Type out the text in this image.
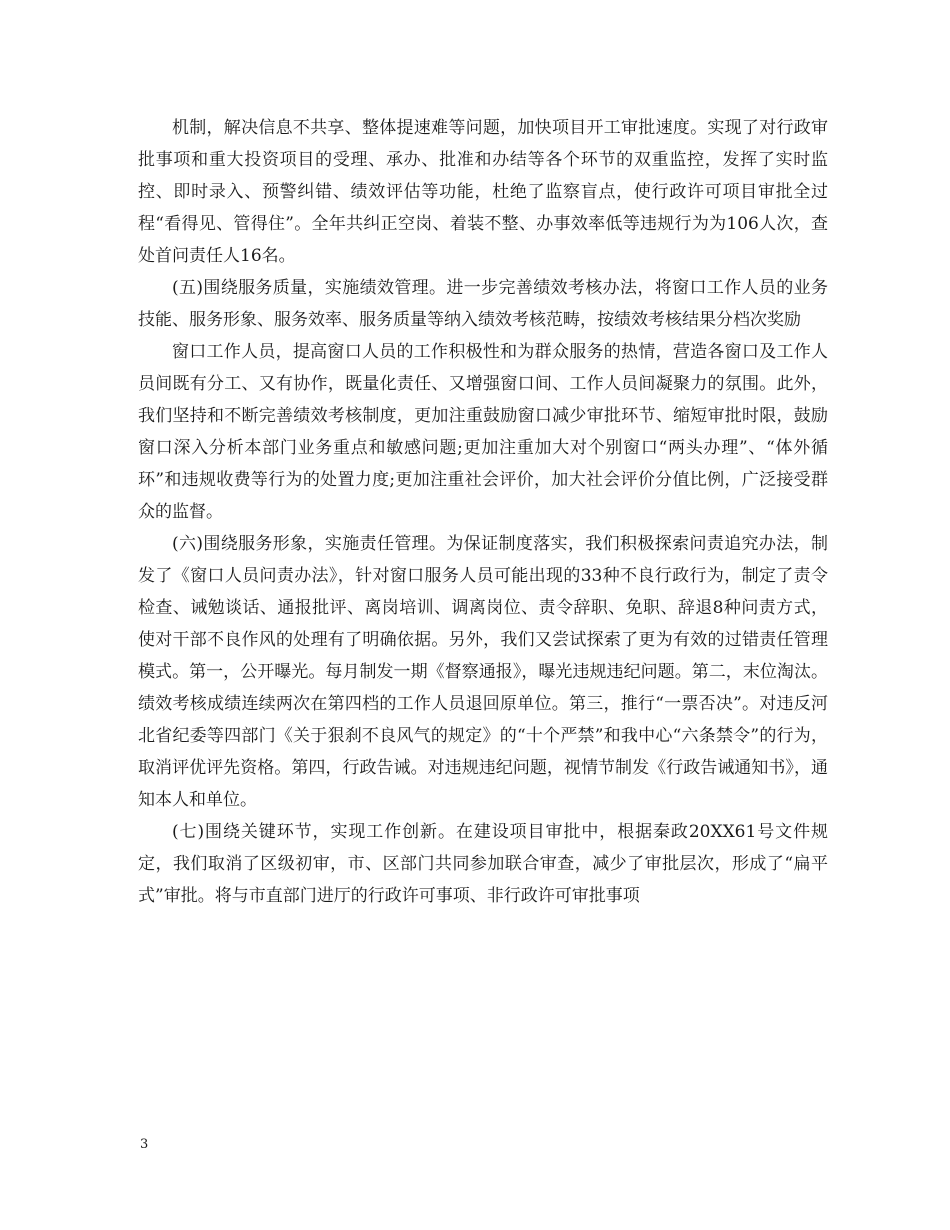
机制，解决信息不共享、整体提速难等问题，加快项目开工审批速度。实现了对行政审批事项和重大投资项目的受理、承办、批准和办结等各个环节的双重监控，发挥了实时监控、即时录入、预警纠错、绩效评估等功能，杜绝了监察盲点，使行政许可项目审批全过程“看得见、管得住”。全年共纠正空岗、着装不整、办事效率低等违规行为为106人次，查处首问责任人16名。

(五)围绕服务质量，实施绩效管理。进一步完善绩效考核办法，将窗口工作人员的业务技能、服务形象、服务效率、服务质量等纳入绩效考核范畴，按绩效考核结果分档次奖励

窗口工作人员，提高窗口人员的工作积极性和为群众服务的热情，营造各窗口及工作人员间既有分工、又有协作，既量化责任、又增强窗口间、工作人员间凝聚力的氛围。此外，我们坚持和不断完善绩效考核制度，更加注重鼓励窗口减少审批环节、缩短审批时限，鼓励窗口深入分析本部门业务重点和敏感问题;更加注重加大对个别窗口“两头办理”、“体外循环”和违规收费等行为的处置力度;更加注重社会评价，加大社会评价分值比例，广泛接受群众的监督。

(六)围绕服务形象，实施责任管理。为保证制度落实，我们积极探索问责追究办法，制发了《窗口人员问责办法》，针对窗口服务人员可能出现的33种不良行政行为，制定了责令检查、诫勉谈话、通报批评、离岗培训、调离岗位、责令辞职、免职、辞退8种问责方式，使对干部不良作风的处理有了明确依据。另外，我们又尝试探索了更为有效的过错责任管理模式。第一，公开曝光。每月制发一期《督察通报》，曝光违规违纪问题。第二，末位淘汰。绩效考核成绩连续两次在第四档的工作人员退回原单位。第三，推行“一票否决”。对违反河北省纪委等四部门《关于狠刹不良风气的规定》的“十个严禁”和我中心“六条禁令”的行为，取消评优评先资格。第四，行政告诫。对违规违纪问题，视情节制发《行政告诫通知书》，通知本人和单位。

(七)围绕关键环节，实现工作创新。在建设项目审批中，根据秦政20XX61号文件规定，我们取消了区级初审，市、区部门共同参加联合审查，减少了审批层次，形成了“扁平式”审批。将与市直部门进厅的行政许可事项、非行政许可审批事项

3
